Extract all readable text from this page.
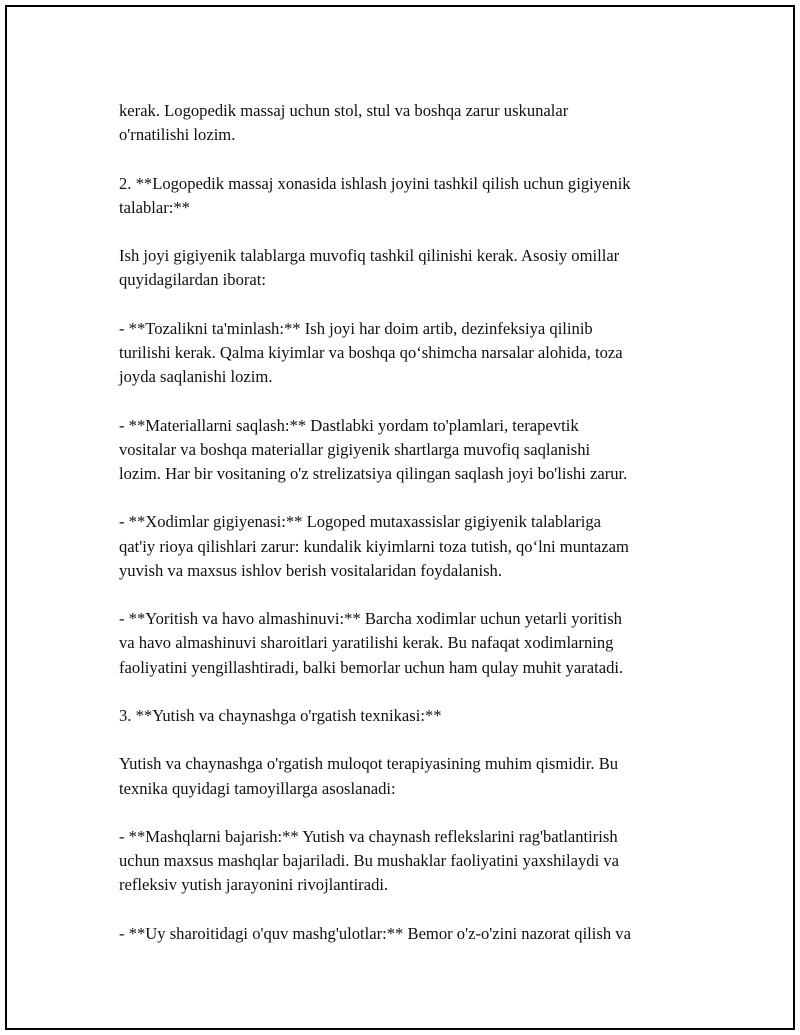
kerak. Logopedik massaj uchun stol, stul va boshqa zarur uskunalar
o'rnatilishi lozim.

2. **Logopedik massaj xonasida ishlash joyini tashkil qilish uchun gigiyenik
talablar:**

Ish joyi gigiyenik talablarga muvofiq tashkil qilinishi kerak. Asosiy omillar
quyidagilardan iborat:

- **Tozalikni ta'minlash:** Ish joyi har doim artib, dezinfeksiya qilinib
turilishi kerak. Qalma kiyimlar va boshqa qo‘shimcha narsalar alohida, toza
joyda saqlanishi lozim.

- **Materiallarni saqlash:** Dastlabki yordam to'plamlari, terapevtik
vositalar va boshqa materiallar gigiyenik shartlarga muvofiq saqlanishi
lozim. Har bir vositaning o'z strelizatsiya qilingan saqlash joyi bo'lishi zarur.

- **Xodimlar gigiyenasi:** Logoped mutaxassislar gigiyenik talablariga
qat'iy rioya qilishlari zarur: kundalik kiyimlarni toza tutish, qo‘lni muntazam
yuvish va maxsus ishlov berish vositalaridan foydalanish.

- **Yoritish va havo almashinuvi:** Barcha xodimlar uchun yetarli yoritish
va havo almashinuvi sharoitlari yaratilishi kerak. Bu nafaqat xodimlarning
faoliyatini yengillashtiradi, balki bemorlar uchun ham qulay muhit yaratadi.

3. **Yutish va chaynashga o'rgatish texnikasi:**

Yutish va chaynashga o'rgatish muloqot terapiyasining muhim qismidir. Bu
texnika quyidagi tamoyillarga asoslanadi:

- **Mashqlarni bajarish:** Yutish va chaynash reflekslarini rag'batlantirish
uchun maxsus mashqlar bajariladi. Bu mushaklar faoliyatini yaxshilaydi va
refleksiv yutish jarayonini rivojlantiradi.

- **Uy sharoitidagi o'quv mashg'ulotlar:** Bemor o'z-o'zini nazorat qilish va
